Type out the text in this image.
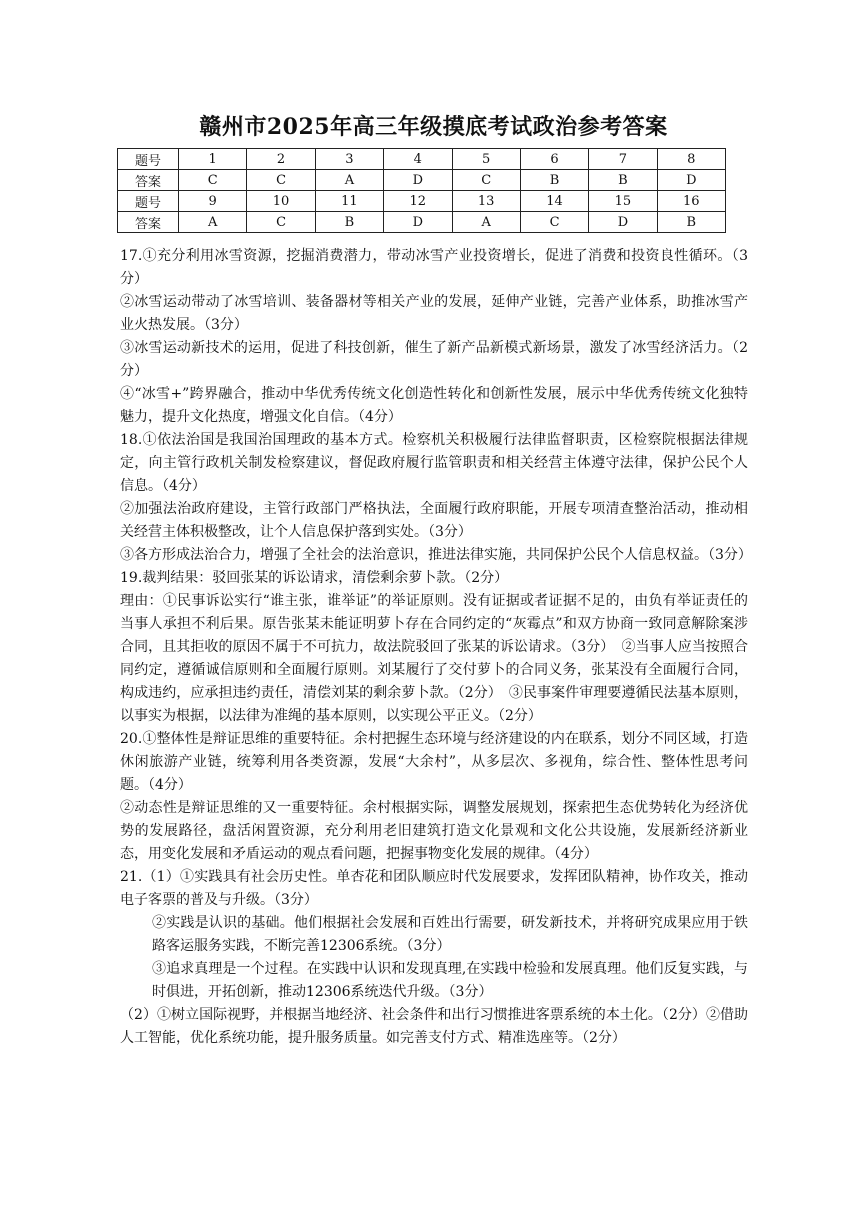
赣州市2025年高三年级摸底考试政治参考答案
题号	1	2	3	4	5	6	7	8
答案	C	C	A	D	C	B	B	D
题号	9	10	11	12	13	14	15	16
答案	A	C	B	D	A	C	D	B

17.①充分利用冰雪资源，挖掘消费潜力，带动冰雪产业投资增长，促进了消费和投资良性循环。（3分）

②冰雪运动带动了冰雪培训、装备器材等相关产业的发展，延伸产业链，完善产业体系，助推冰雪产业火热发展。（3分）

③冰雪运动新技术的运用，促进了科技创新，催生了新产品新模式新场景，激发了冰雪经济活力。（2分）

④“冰雪+”跨界融合，推动中华优秀传统文化创造性转化和创新性发展，展示中华优秀传统文化独特魅力，提升文化热度，增强文化自信。（4分）

18.①依法治国是我国治国理政的基本方式。检察机关积极履行法律监督职责，区检察院根据法律规定，向主管行政机关制发检察建议，督促政府履行监管职责和相关经营主体遵守法律，保护公民个人信息。（4分）

②加强法治政府建设，主管行政部门严格执法，全面履行政府职能，开展专项清查整治活动，推动相关经营主体积极整改，让个人信息保护落到实处。（3分）

③各方形成法治合力，增强了全社会的法治意识，推进法律实施，共同保护公民个人信息权益。（3分）

19.裁判结果：驳回张某的诉讼请求，清偿剩余萝卜款。（2分）

理由：①民事诉讼实行“谁主张，谁举证”的举证原则。没有证据或者证据不足的，由负有举证责任的当事人承担不利后果。原告张某未能证明萝卜存在合同约定的“灰霉点”和双方协商一致同意解除案涉合同，且其拒收的原因不属于不可抗力，故法院驳回了张某的诉讼请求。（3分）　②当事人应当按照合同约定，遵循诚信原则和全面履行原则。刘某履行了交付萝卜的合同义务，张某没有全面履行合同，构成违约，应承担违约责任，清偿刘某的剩余萝卜款。（2分）　③民事案件审理要遵循民法基本原则，以事实为根据，以法律为准绳的基本原则，以实现公平正义。（2分）

20.①整体性是辩证思维的重要特征。余村把握生态环境与经济建设的内在联系，划分不同区域，打造休闲旅游产业链，统筹利用各类资源，发展“大余村”，从多层次、多视角，综合性、整体性思考问题。（4分）

②动态性是辩证思维的又一重要特征。余村根据实际，调整发展规划，探索把生态优势转化为经济优势的发展路径，盘活闲置资源，充分利用老旧建筑打造文化景观和文化公共设施，发展新经济新业态，用变化发展和矛盾运动的观点看问题，把握事物变化发展的规律。（4分）

21.（1）①实践具有社会历史性。单杏花和团队顺应时代发展要求，发挥团队精神，协作攻关，推动电子客票的普及与升级。（3分）

②实践是认识的基础。他们根据社会发展和百姓出行需要，研发新技术，并将研究成果应用于铁路客运服务实践，不断完善12306系统。（3分）

③追求真理是一个过程。在实践中认识和发现真理,在实践中检验和发展真理。他们反复实践，与时俱进，开拓创新，推动12306系统迭代升级。（3分）

（2）①树立国际视野，并根据当地经济、社会条件和出行习惯推进客票系统的本土化。（2分）②借助人工智能，优化系统功能，提升服务质量。如完善支付方式、精准选座等。（2分）
